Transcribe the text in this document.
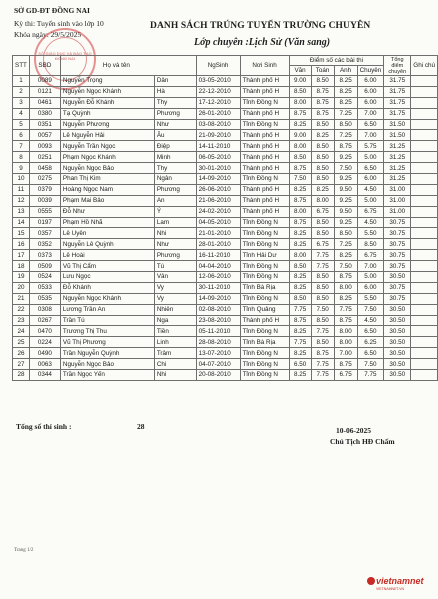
SỞ GD-ĐT ĐỒNG NAI
Kỳ thi: Tuyển sinh vào lớp 10
Khóa ngày: 29/5/2025
SỞ GIÁO DỤC VÀ ĐÀO TẠO ĐỒNG NAI
DANH SÁCH TRÚNG TUYỂN TRƯỜNG CHUYÊN
Lớp chuyên :Lịch Sử (Văn sang)
STT	SBD	Họ và tên		NgSinh	Nơi Sinh	Điểm số các bài thi				Tổng điểm chuyên	Ghi chú
						Văn	Toán	Anh	Chuyên		
1	0089	Nguyễn Trọng	Dân	03-05-2010	Thành phố H	9.00	8.50	8.25	6.00	31.75	
2	0121	Nguyễn Ngọc Khánh	Hà	22-12-2010	Thành phố H	8.50	8.75	8.25	6.00	31.75	
3	0461	Nguyễn Đỗ Khánh	Thy	17-12-2010	Tỉnh Đồng N	8.00	8.75	8.25	6.00	31.75	
4	0380	Tạ Quỳnh	Phương	26-01-2010	Thành phố H	8.75	8.75	7.25	7.00	31.75	
5	0351	Nguyễn Phương	Như	03-08-2010	Tỉnh Đồng N	8.25	8.50	8.50	6.50	31.50	
6	0057	Lê Nguyễn Hải	Âu	21-09-2010	Thành phố H	9.00	8.25	7.25	7.00	31.50	
7	0093	Nguyễn Trần Ngọc	Điệp	14-11-2010	Thành phố H	8.00	8.50	8.75	5.75	31.25	
8	0251	Phạm Ngọc Khánh	Minh	06-05-2010	Thành phố H	8.50	8.50	9.25	5.00	31.25	
9	0458	Nguyễn Ngọc Bảo	Thy	30-01-2010	Thành phố H	8.75	8.50	7.50	6.50	31.25	
10	0275	Phan Thị Kim	Ngân	14-09-2010	Tỉnh Đồng N	7.50	8.50	9.25	6.00	31.25	
11	0379	Hoàng Ngọc Nam	Phương	26-06-2010	Thành phố H	8.25	8.25	9.50	4.50	31.00	
12	0039	Phạm Mai Bảo	An	21-06-2010	Thành phố H	8.75	8.00	9.25	5.00	31.00	
13	0555	Đỗ Như	Ý	24-02-2010	Thành phố H	8.00	6.75	9.50	6.75	31.00	
14	0197	Phạm Hồ Nhã	Lam	04-05-2010	Tỉnh Đồng N	8.75	8.50	9.25	4.50	30.75	
15	0357	Lê Uyên	Nhi	21-01-2010	Tỉnh Đồng N	8.25	8.50	8.50	5.50	30.75	
16	0352	Nguyễn Lê Quỳnh	Như	28-01-2010	Tỉnh Đồng N	8.25	6.75	7.25	8.50	30.75	
17	0373	Lê Hoài	Phương	16-11-2010	Tỉnh Hải Dư	8.00	7.75	8.25	6.75	30.75	
18	0509	Vũ Thị Cẩm	Tú	04-04-2010	Tỉnh Đồng N	8.50	7.75	7.50	7.00	30.75	
19	0524	Lưu Ngọc	Vân	12-06-2010	Tỉnh Đồng N	8.25	8.50	8.75	5.00	30.50	
20	0533	Đỗ Khánh	Vy	30-11-2010	Tỉnh Bà Rịa	8.25	8.50	8.00	6.00	30.75	
21	0535	Nguyễn Ngọc Khánh	Vy	14-09-2010	Tỉnh Đồng N	8.50	8.50	8.25	5.50	30.75	
22	0308	Lương Trần An	Nhiên	02-08-2010	Tỉnh Quảng	7.75	7.50	7.75	7.50	30.50	
23	0267	Trần Tú	Nga	23-08-2010	Thành phố H	8.75	8.50	8.75	4.50	30.50	
24	0470	Trương Thị Thu	Tiền	05-11-2010	Tỉnh Đồng N	8.25	7.75	8.00	6.50	30.50	
25	0224	Vũ Thị Phương	Linh	28-08-2010	Tỉnh Bà Rịa	7.75	8.50	8.00	6.25	30.50	
26	0490	Trần Nguyễn Quỳnh	Trâm	13-07-2010	Tỉnh Đồng N	8.25	8.75	7.00	6.50	30.50	
27	0063	Nguyễn Ngọc Bảo	Chi	04-07-2010	Tỉnh Đồng N	6.50	7.75	8.75	7.50	30.50	
28	0344	Trần Ngọc Yến	Nhi	20-08-2010	Tỉnh Đồng N	8.25	7.75	6.75	7.75	30.50	
Tổng số thí sinh :	28	10-06-2025
Chủ Tịch HĐ Chấm
Trang 1/2
vietnamnet
VIETNAMNET.VN
